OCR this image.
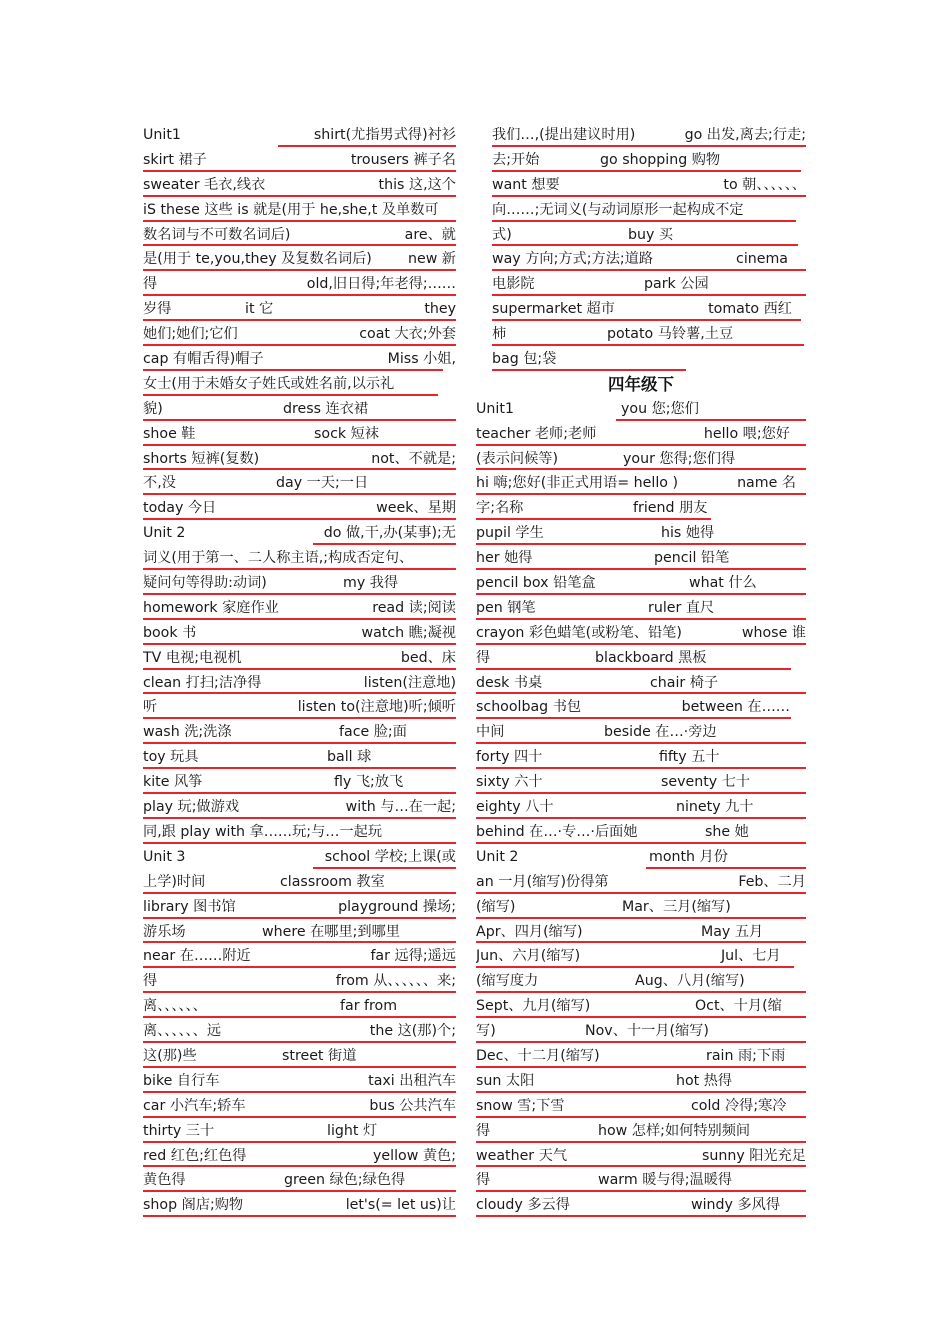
Unit1	shirt(尤指男式得)衬衫
skirt 裙子	trousers 裤子名
sweater 毛衣,线衣	this 这,这个
iS these 这些 is 就是(用于 he,she,t 及单数可
数名词与不可数名词后)	are、就
是(用于 te,you,they 及复数名词后)	new 新
得	old,旧日得;年老得;……
岁得	it 它	they
她们;她们;它们	coat 大衣;外套
cap 有帽舌得)帽子	Miss 小姐,
女士(用于未婚女子姓氏或姓名前,以示礼
貌)	dress 连衣裙
shoe 鞋	sock 短袜
shorts 短裤(复数)	not、不就是;
不,没	day 一天;一日
today 今日	week、星期
Unit 2	do 做,干,办(某事);无
词义(用于第一、二人称主语,;构成否定句、
疑问句等得助:动词)	my 我得
homework 家庭作业	read 读;阅读
book 书	watch 瞧;凝视
TV 电视;电视机	bed、床
clean 打扫;洁净得	listen(注意地)
听	listen to(注意地)听;倾听
wash 洗;洗涤	face 脸;面
toy 玩具	ball 球
kite 风筝	fly 飞;放飞
play 玩;做游戏	with 与…在一起;
同,跟 play with 拿……玩;与…一起玩
Unit 3	school 学校;上课(或
上学)时间	classroom 教室
library 图书馆	playground 操场;
游乐场	where 在哪里;到哪里
near 在……附近	far 远得;遥远
得	from 从、、、、、、来;
离、、、、、、	far from
离、、、、、、远	the 这(那)个;
这(那)些	street 街道
bike 自行车	taxi 出租汽车
car 小汽车;轿车	bus 公共汽车
thirty 三十	light 灯
red 红色;红色得	yellow 黄色;
黄色得	green 绿色;绿色得
shop 阁店;购物	let's(= let us)让
我们…,(提出建议时用)	go 出发,离去;行走;
去;开始	go shopping 购物
want 想要	to 朝、、、、、、
向……;无词义(与动词原形一起构成不定
式)	buy 买
way 方向;方式;方法;道路	cinema
电影院	park 公园
supermarket 超市	tomato 西红
柿	potato 马铃薯,土豆
bag 包;袋
四年级下
Unit1	you 您;您们
teacher 老师;老师	hello 喂;您好
(表示问候等)	your 您得;您们得
hi 嗨;您好(非正式用语= hello )	name 名
字;名称	friend 朋友
pupil 学生	his 她得
her 她得	pencil 铅笔
pencil box 铅笔盒	what 什么
pen 钢笔	ruler 直尺
crayon 彩色蜡笔(或粉笔、铅笔)	whose 谁
得	blackboard 黑板
desk 书桌	chair 椅子
schoolbag 书包	between 在……
中间	beside 在…·旁边
forty 四十	fifty 五十
sixty 六十	seventy 七十
eighty 八十	ninety 九十
behind 在…·专…·后面她	she 她
Unit 2	month 月份
an 一月(缩写)份得第	Feb、二月
(缩写)	Mar、三月(缩写)
Apr、四月(缩写)	May 五月
Jun、六月(缩写)	Jul、七月
(缩写度力	Aug、八月(缩写)
Sept、九月(缩写)	Oct、十月(缩
写)	Nov、十一月(缩写)
Dec、十二月(缩写)	rain 雨;下雨
sun 太阳	hot 热得
snow 雪;下雪	cold 冷得;寒冷
得	how 怎样;如何特别频间
weather 天气	sunny 阳光充足
得	warm 暖与得;温暖得
cloudy 多云得	windy 多风得
